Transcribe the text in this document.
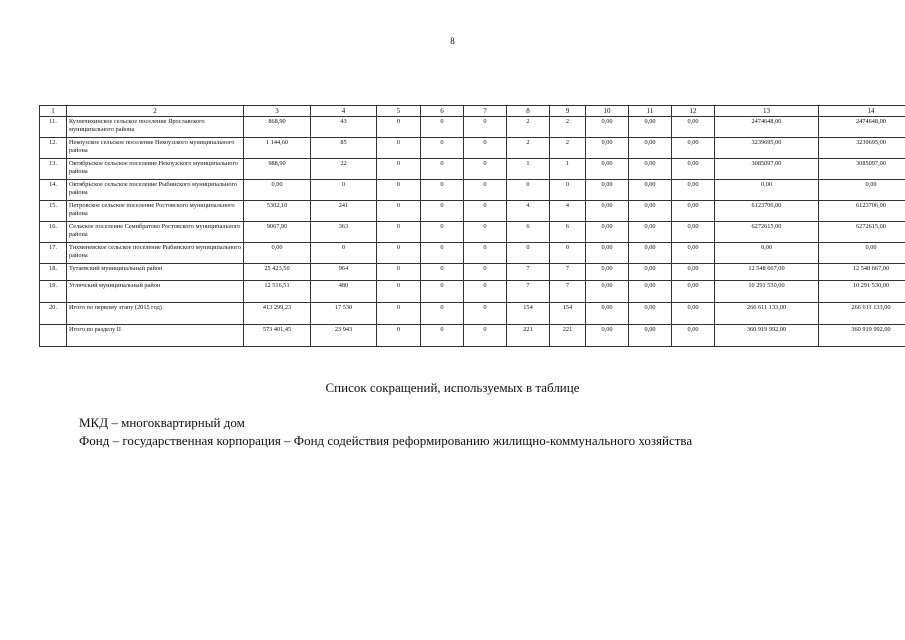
8
1	2	3	4	5	6	7	8	9	10	11	12	13	14
11.	Кузнечихинское сельское поселение Ярославского муниципального района	868,90	43	0	0	0	2	2	0,00	0,00	0,00	2474648,00	2474648,00
12.	Некоузское сельское поселение Некоузского муниципального района	1 144,60	85	0	0	0	2	2	0,00	0,00	0,00	3239695,00	3239695,00
13.	Октябрьское сельское поселение Некоузского муниципального района	988,90	22	0	0	0	1	1	0,00	0,00	0,00	3085097,00	3085097,00
14.	Октябрьское сельское поселение Рыбинского муниципального района	0,00	0	0	0	0	0	0	0,00	0,00	0,00	0,00	0,00
15.	Петровское сельское поселение Ростовского муниципального района	5302,10	241	0	0	0	4	4	0,00	0,00	0,00	6123706,00	6123706,00
16.	Сельское поселение Семибратово Ростовского муниципального района	9067,90	363	0	0	0	6	6	0,00	0,00	0,00	6272615,00	6272615,00
17.	Тихменевское сельское поселение Рыбинского муниципального района	0,00	0	0	0	0	0	0	0,00	0,00	0,00	0,00	0,00
18.	Тутаевский муниципальный район	25 423,50	964	0	0	0	7	7	0,00	0,00	0,00	12 548 667,00	12 548 667,00
19.	Угличский муниципальный район	12 516,51	480	0	0	0	7	7	0,00	0,00	0,00	10 291 530,00	10 291 530,00
20.	Итого по первому этапу (2015 год)	413 299,23	17 530	0	0	0	154	154	0,00	0,00	0,00	266 611 133,00	266 611 133,00
	Итого по разделу II	573 401,45	23 943	0	0	0	221	221	0,00	0,00	0,00	360 919 992,00	360 919 992,00
Список сокращений, используемых в таблице
МКД – многоквартирный дом
Фонд – государственная корпорация – Фонд содействия реформированию жилищно-коммунального хозяйства
